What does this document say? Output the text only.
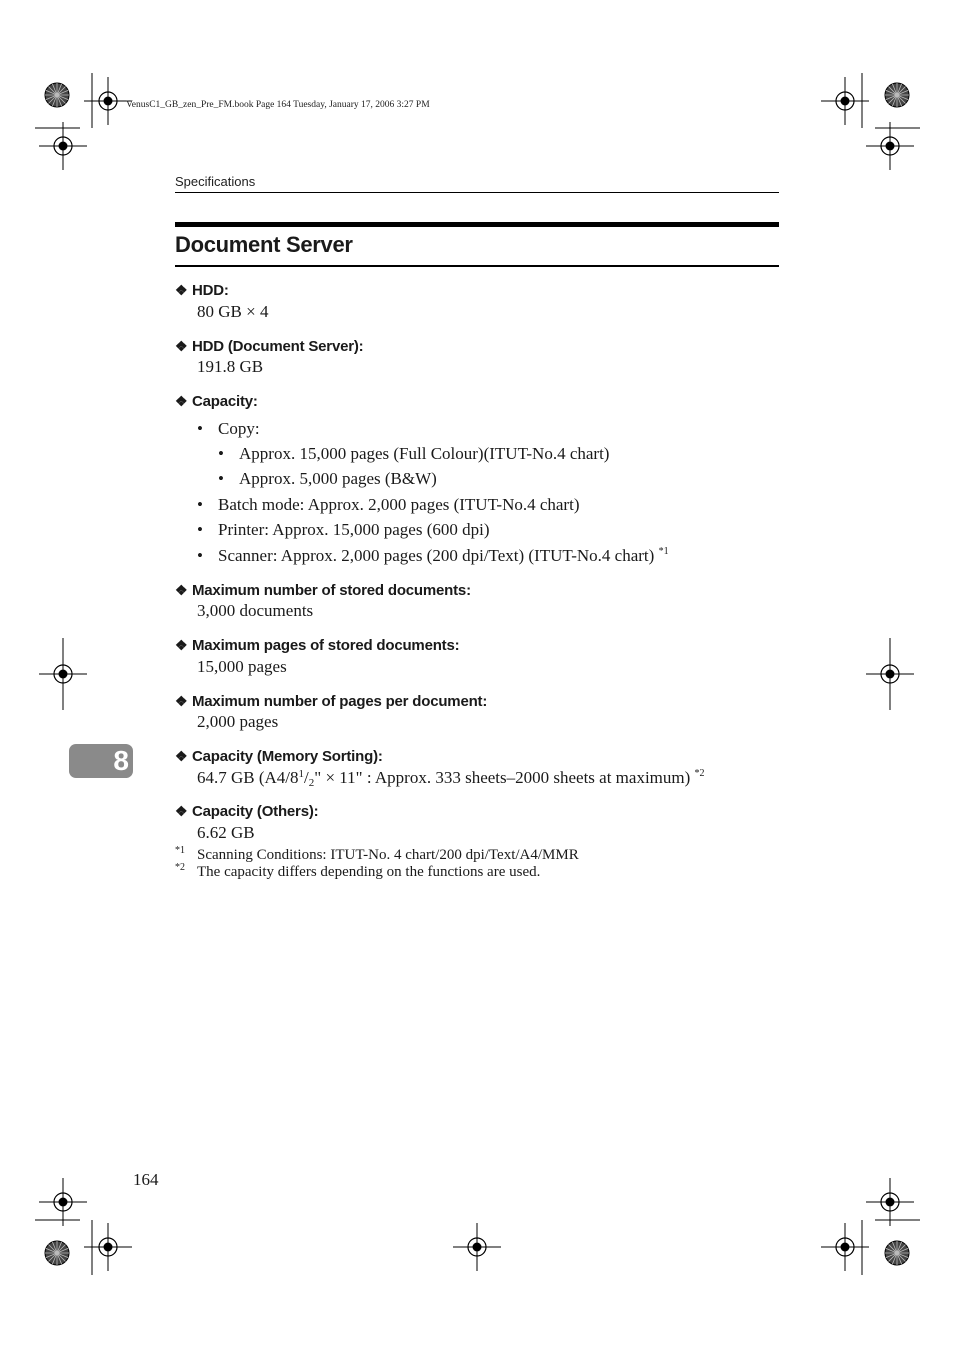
VenusC1_GB_zen_Pre_FM.book Page 164 Tuesday, January 17, 2006 3:27 PM
Specifications
Document Server
❖ HDD:
80 GB × 4
❖ HDD (Document Server):
191.8 GB
❖ Capacity:
• Copy:
• Approx. 15,000 pages (Full Colour)(ITUT-No.4 chart)
• Approx. 5,000 pages (B&W)
• Batch mode: Approx. 2,000 pages (ITUT-No.4 chart)
• Printer: Approx. 15,000 pages (600 dpi)
• Scanner: Approx. 2,000 pages (200 dpi/Text) (ITUT-No.4 chart) $^{*1}$
❖ Maximum number of stored documents:
3,000 documents
❖ Maximum pages of stored documents:
15,000 pages
❖ Maximum number of pages per document:
2,000 pages
❖ Capacity (Memory Sorting):
64.7 GB ($A4/8^1/_2$" × 11" : Approx. 333 sheets–2000 sheets at maximum) $^{*2}$
❖ Capacity (Others):
6.62 GB
*1 Scanning Conditions: ITUT-No. 4 chart/200 dpi/Text/A4/MMR
*2 The capacity differs depending on the functions are used.
8
164
